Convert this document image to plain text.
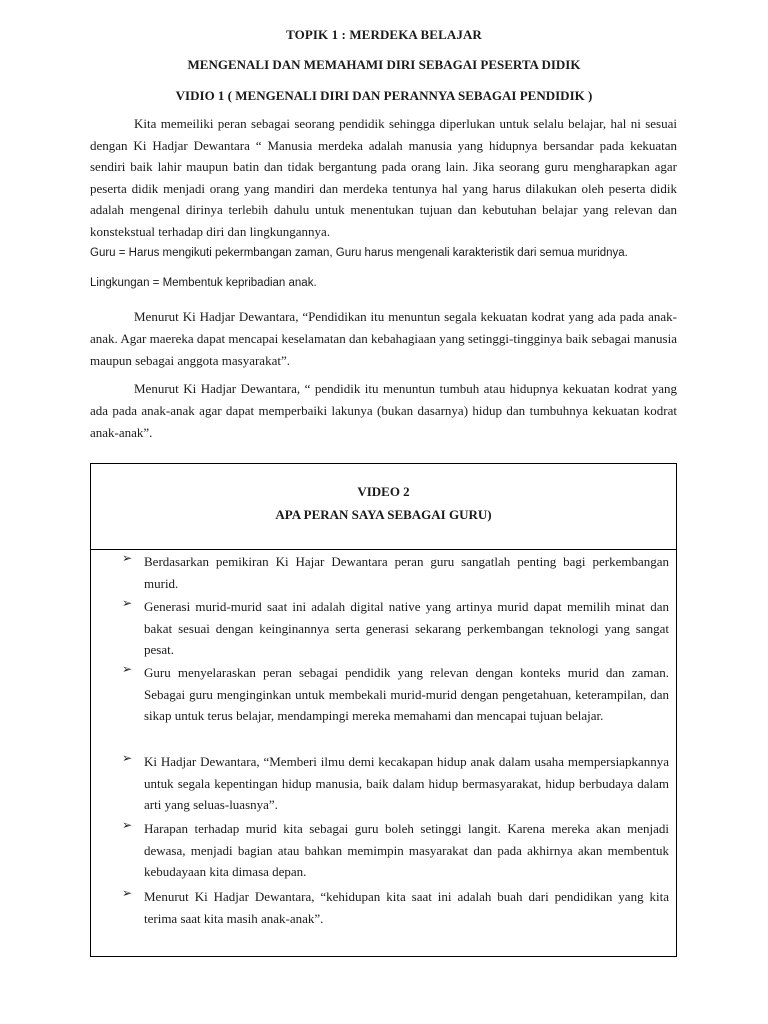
TOPIK 1 : MERDEKA BELAJAR
MENGENALI DAN MEMAHAMI DIRI SEBAGAI PESERTA DIDIK
VIDIO 1 ( MENGENALI DIRI DAN PERANNYA SEBAGAI PENDIDIK )
Kita memeiliki peran sebagai seorang pendidik sehingga diperlukan untuk selalu belajar, hal ni sesuai dengan Ki Hadjar Dewantara “ Manusia merdeka adalah manusia yang hidupnya bersandar pada kekuatan sendiri baik lahir maupun batin dan tidak bergantung pada orang lain. Jika seorang guru mengharapkan agar peserta didik menjadi orang yang mandiri dan merdeka tentunya hal yang harus dilakukan oleh peserta didik adalah mengenal dirinya terlebih dahulu untuk menentukan tujuan dan kebutuhan belajar yang relevan dan konstekstual terhadap diri dan lingkungannya.
Guru = Harus mengikuti pekermbangan zaman, Guru harus mengenali karakteristik dari semua muridnya.
Lingkungan = Membentuk kepribadian anak.
Menurut Ki Hadjar Dewantara, “Pendidikan itu menuntun segala kekuatan kodrat yang ada pada anak-anak. Agar maereka dapat mencapai keselamatan dan kebahagiaan yang setinggi-tingginya baik sebagai manusia maupun sebagai anggota masyarakat”.
Menurut Ki Hadjar Dewantara, “ pendidik itu menuntun tumbuh atau hidupnya kekuatan kodrat yang ada pada anak-anak agar dapat memperbaiki lakunya (bukan dasarnya) hidup dan tumbuhnya kekuatan kodrat anak-anak”.
VIDEO 2
APA PERAN SAYA SEBAGAI GURU)
➢ Berdasarkan pemikiran Ki Hajar Dewantara peran guru sangatlah penting bagi perkembangan murid.
➢ Generasi murid-murid saat ini adalah digital native yang artinya murid dapat memilih minat dan bakat sesuai dengan keinginannya serta generasi sekarang perkembangan teknologi yang sangat pesat.
➢ Guru menyelaraskan peran sebagai pendidik yang relevan dengan konteks murid dan zaman. Sebagai guru menginginkan untuk membekali murid-murid dengan pengetahuan, keterampilan, dan sikap untuk terus belajar, mendampingi mereka memahami dan mencapai tujuan belajar.
➢ Ki Hadjar Dewantara, “Memberi ilmu demi kecakapan hidup anak dalam usaha mempersiapkannya untuk segala kepentingan hidup manusia, baik dalam hidup bermasyarakat, hidup berbudaya dalam arti yang seluas-luasnya”.
➢ Harapan terhadap murid kita sebagai guru boleh setinggi langit. Karena mereka akan menjadi dewasa, menjadi bagian atau bahkan memimpin masyarakat dan pada akhirnya akan membentuk kebudayaan kita dimasa depan.
➢ Menurut Ki Hadjar Dewantara, “kehidupan kita saat ini adalah buah dari pendidikan yang kita terima saat kita masih anak-anak”.
